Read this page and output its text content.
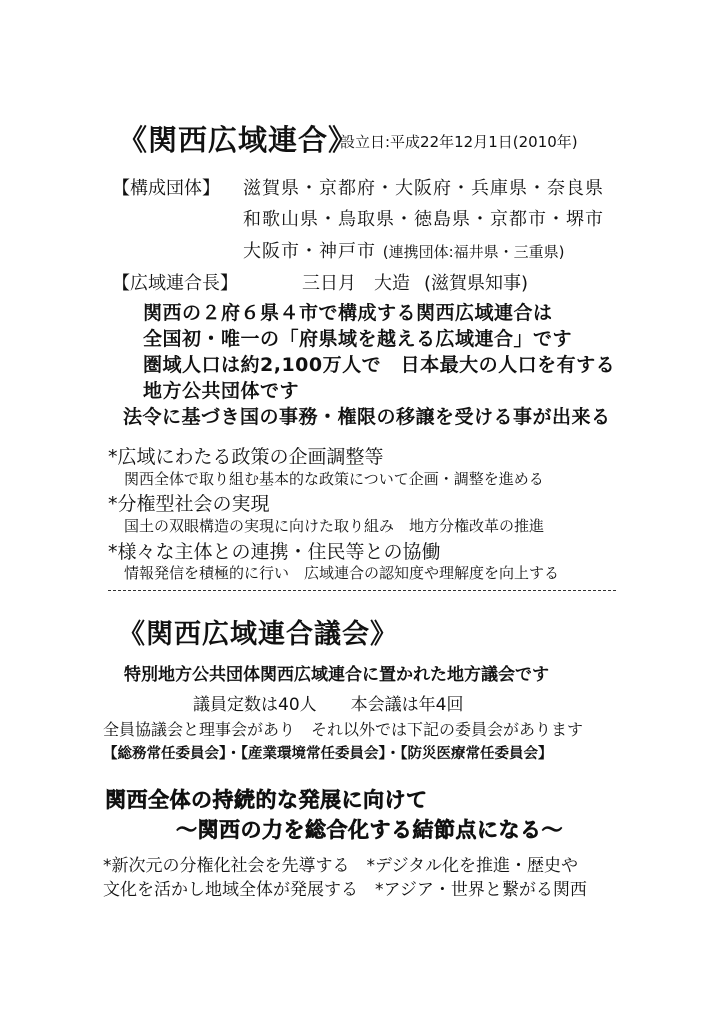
《関西広域連合》
設立日:平成22年12月1日(2010年)
【構成団体】 滋賀県・京都府・大阪府・兵庫県・奈良県
和歌山県・鳥取県・徳島県・京都市・堺市
大阪市・神戸市 (連携団体:福井県・三重県)
【広域連合長】	三日月　大造 (滋賀県知事)
関西の２府６県４市で構成する関西広域連合は
全国初・唯一の「府県域を越える広域連合」です
圏域人口は約2,100万人で　日本最大の人口を有する
地方公共団体です
法令に基づき国の事務・権限の移譲を受ける事が出来る
*広域にわたる政策の企画調整等
関西全体で取り組む基本的な政策について企画・調整を進める
*分権型社会の実現
国土の双眼構造の実現に向けた取り組み　地方分権改革の推進
*様々な主体との連携・住民等との協働
情報発信を積極的に行い　広域連合の認知度や理解度を向上する
《関西広域連合議会》
特別地方公共団体関西広域連合に置かれた地方議会です
議員定数は40人　　本会議は年4回
全員協議会と理事会があり　それ以外では下記の委員会があります
【総務常任委員会】・【産業環境常任委員会】・【防災医療常任委員会】
関西全体の持続的な発展に向けて
～関西の力を総合化する結節点になる～
*新次元の分権化社会を先導する　*デジタル化を推進・歴史や
文化を活かし地域全体が発展する　*アジア・世界と繋がる関西
